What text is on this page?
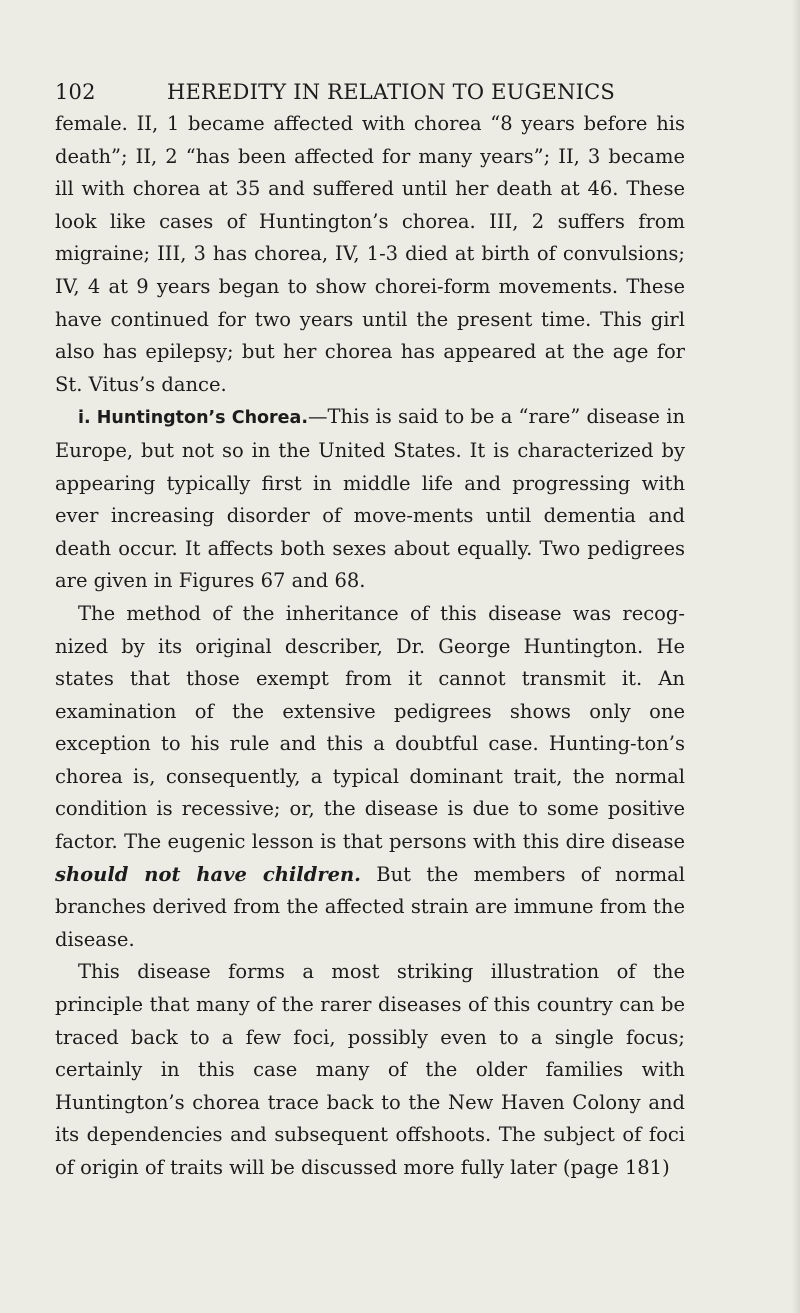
102	HEREDITY IN RELATION TO EUGENICS

female. II, 1 became affected with chorea “8 years before his death”; II, 2 “has been affected for many years”; II, 3 became ill with chorea at 35 and suffered until her death at 46. These look like cases of Huntington’s chorea. III, 2 suffers from migraine; III, 3 has chorea, IV, 1-3 died at birth of convulsions; IV, 4 at 9 years began to show chorei-form movements. These have continued for two years until the present time. This girl also has epilepsy; but her chorea has appeared at the age for St. Vitus’s dance.

i. Huntington’s Chorea.—This is said to be a “rare” disease in Europe, but not so in the United States. It is characterized by appearing typically first in middle life and progressing with ever increasing disorder of move-ments until dementia and death occur. It affects both sexes about equally. Two pedigrees are given in Figures 67 and 68.

The method of the inheritance of this disease was recog-nized by its original describer, Dr. George Huntington. He states that those exempt from it cannot transmit it. An examination of the extensive pedigrees shows only one exception to his rule and this a doubtful case. Hunting-ton’s chorea is, consequently, a typical dominant trait, the normal condition is recessive; or, the disease is due to some positive factor. The eugenic lesson is that persons with this dire disease should not have children. But the members of normal branches derived from the affected strain are immune from the disease.

This disease forms a most striking illustration of the principle that many of the rarer diseases of this country can be traced back to a few foci, possibly even to a single focus; certainly in this case many of the older families with Huntington’s chorea trace back to the New Haven Colony and its dependencies and subsequent offshoots. The subject of foci of origin of traits will be discussed more fully later (page 181)
